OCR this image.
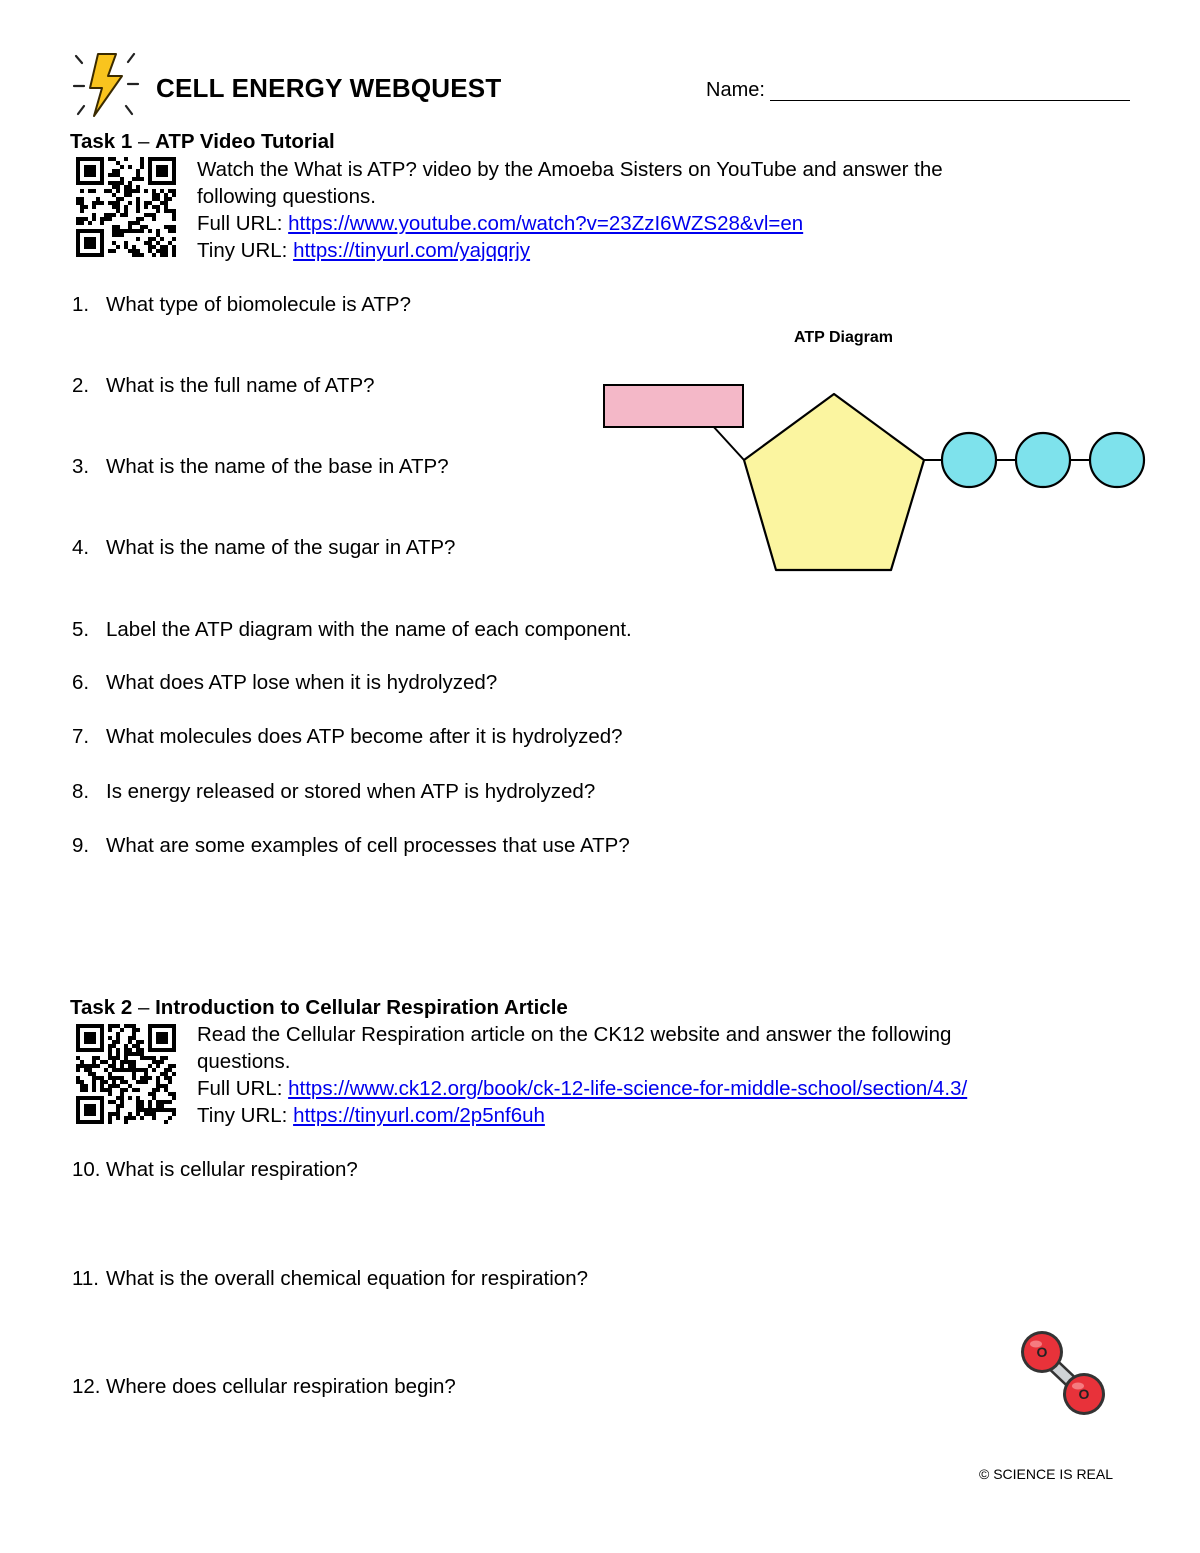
CELL ENERGY WEBQUEST	Name:
Task 1 – ATP Video Tutorial
Watch the What is ATP? video by the Amoeba Sisters on YouTube and answer the
following questions.
Full URL: https://www.youtube.com/watch?v=23ZzI6WZS28&vl=en
Tiny URL: https://tinyurl.com/yajqqrjy
1. What type of biomolecule is ATP?
2. What is the full name of ATP?
3. What is the name of the base in ATP?
4. What is the name of the sugar in ATP?
5. Label the ATP diagram with the name of each component.
6. What does ATP lose when it is hydrolyzed?
7. What molecules does ATP become after it is hydrolyzed?
8. Is energy released or stored when ATP is hydrolyzed?
9. What are some examples of cell processes that use ATP?
ATP Diagram
Task 2 – Introduction to Cellular Respiration Article
Read the Cellular Respiration article on the CK12 website and answer the following
questions.
Full URL: https://www.ck12.org/book/ck-12-life-science-for-middle-school/section/4.3/
Tiny URL: https://tinyurl.com/2p5nf6uh
10. What is cellular respiration?
11. What is the overall chemical equation for respiration?
12. Where does cellular respiration begin?
O
O
© SCIENCE IS REAL
